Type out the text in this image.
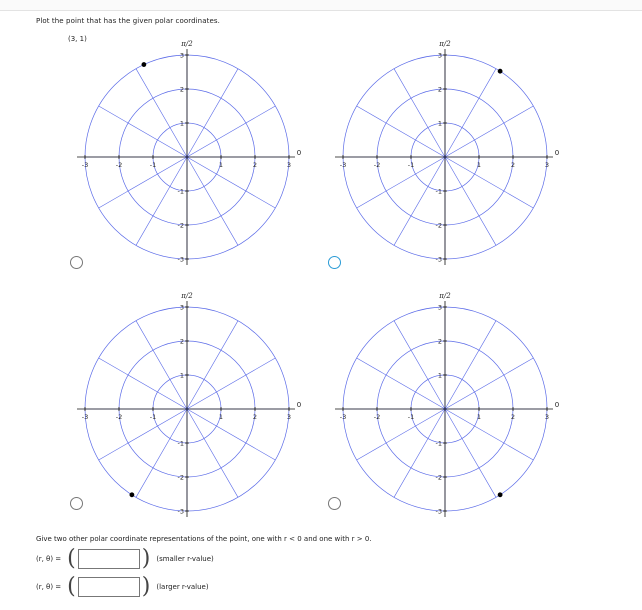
Plot the point that has the given polar coordinates.
(3, 1)
-3	-2	-1	1	2	3
3
2
1
-1
-2
-3
π/2
0
-3	-2	-1	1	2	3
3
2
1
-1
-2
-3
π/2
0
-3	-2	-1	1	2	3
3
2
1
-1
-2
-3
π/2
0
-3	-2	-1	1	2	3
3
2
1
-1
-2
-3
π/2
0
Give two other polar coordinate representations of the point, one with r < 0 and one with r > 0.
(r, θ) = (	) (smaller r-value)
(r, θ) = (	) (larger r-value)
